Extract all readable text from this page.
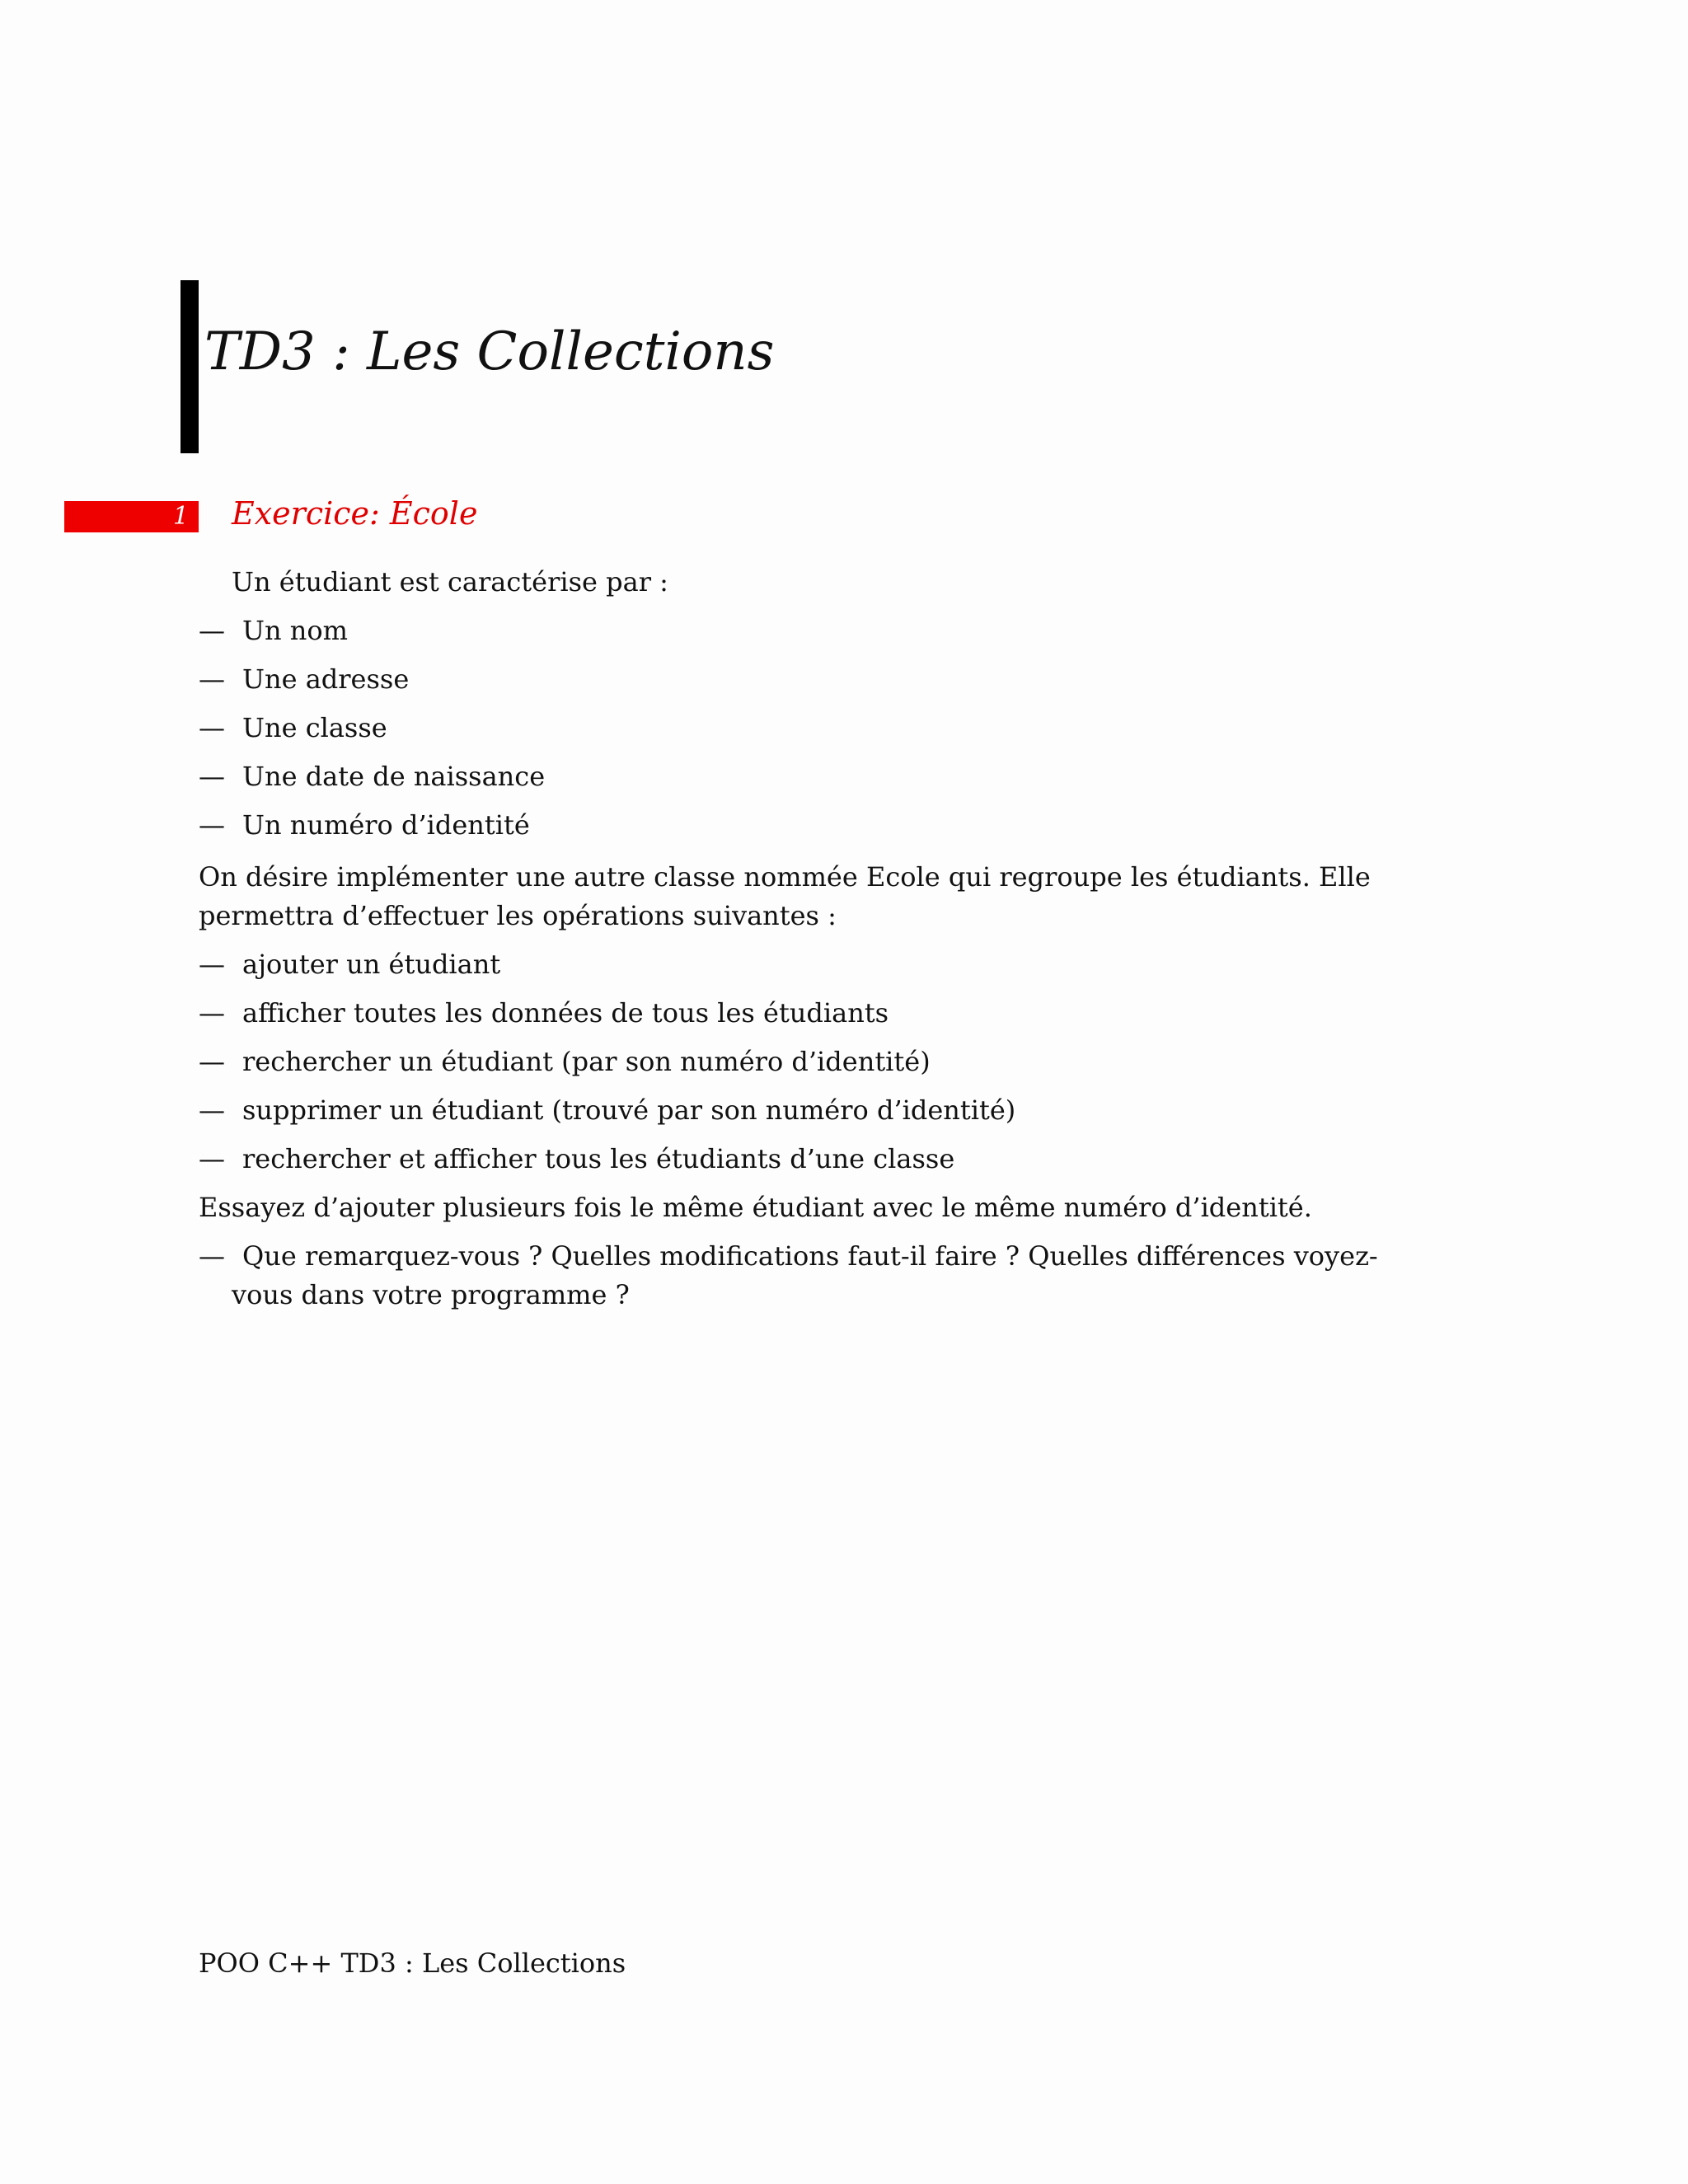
TD3 : Les Collections
1 Exercice: École
Un étudiant est caractérise par :
— Un nom
— Une adresse
— Une classe
— Une date de naissance
— Un numéro d’identité
On désire implémenter une autre classe nommée Ecole qui regroupe les étudiants. Elle
permettra d’effectuer les opérations suivantes :
— ajouter un étudiant
— afficher toutes les données de tous les étudiants
— rechercher un étudiant (par son numéro d’identité)
— supprimer un étudiant (trouvé par son numéro d’identité)
— rechercher et afficher tous les étudiants d’une classe
Essayez d’ajouter plusieurs fois le même étudiant avec le même numéro d’identité.
— Que remarquez-vous ? Quelles modifications faut-il faire ? Quelles différences voyez-
vous dans votre programme ?
POO C++ TD3 : Les Collections
